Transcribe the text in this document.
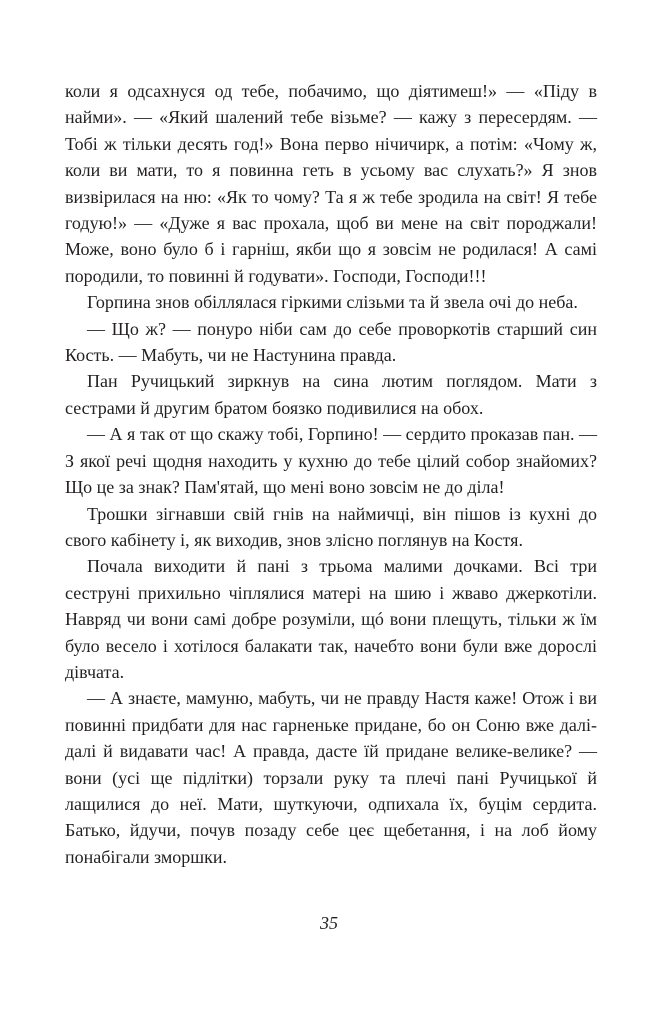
коли я одсахнуся од тебе, побачимо, що діятимеш!» — «Піду в найми». — «Який шалений тебе візьме? — кажу з пересердям. — Тобі ж тільки десять год!» Вона перво нічичирк, а потім: «Чому ж, коли ви мати, то я повинна геть в усьому вас слухать?» Я знов визвірилася на ню: «Як то чому? Та я ж тебе зродила на світ! Я тебе годую!» — «Дуже я вас прохала, щоб ви мене на світ породжали! Може, воно було б і гарніш, якби що я зовсім не родилася! А самі породили, то повинні й годувати». Господи, Господи!!!

Горпина знов обіллялася гіркими слізьми та й звела очі до неба.

— Що ж? — понуро ніби сам до себе проворкотів старший син Кость. — Мабуть, чи не Настунина правда.

Пан Ручицький зиркнув на сина лютим поглядом. Мати з сестрами й другим братом боязко подивилися на обох.

— А я так от що скажу тобі, Горпино! — сердито проказав пан. — З якої речі щодня находить у кухню до тебе цілий собор знайомих? Що це за знак? Пам'ятай, що мені воно зовсім не до діла!

Трошки зігнавши свій гнів на наймичці, він пішов із кухні до свого кабінету і, як виходив, знов злісно поглянув на Костя.

Почала виходити й пані з трьома малими дочками. Всі три сеструні прихильно чіплялися матері на шию і жваво джеркотіли. Навряд чи вони самі добре розуміли, щó вони плещуть, тільки ж їм було весело і хотілося балакати так, начебто вони були вже дорослі дівчата.

— А знаєте, мамуню, мабуть, чи не правду Настя каже! Отож і ви повинні придбати для нас гарненьке придане, бо он Соню вже далі-далі й видавати час! А правда, дасте їй придане велике-велике? — вони (усі ще підлітки) торзали руку та плечі пані Ручицької й лащилися до неї. Мати, шуткуючи, одпихала їх, буцім сердита. Батько, йдучи, почув позаду себе цеє щебетання, і на лоб йому понабігали зморшки.

35
